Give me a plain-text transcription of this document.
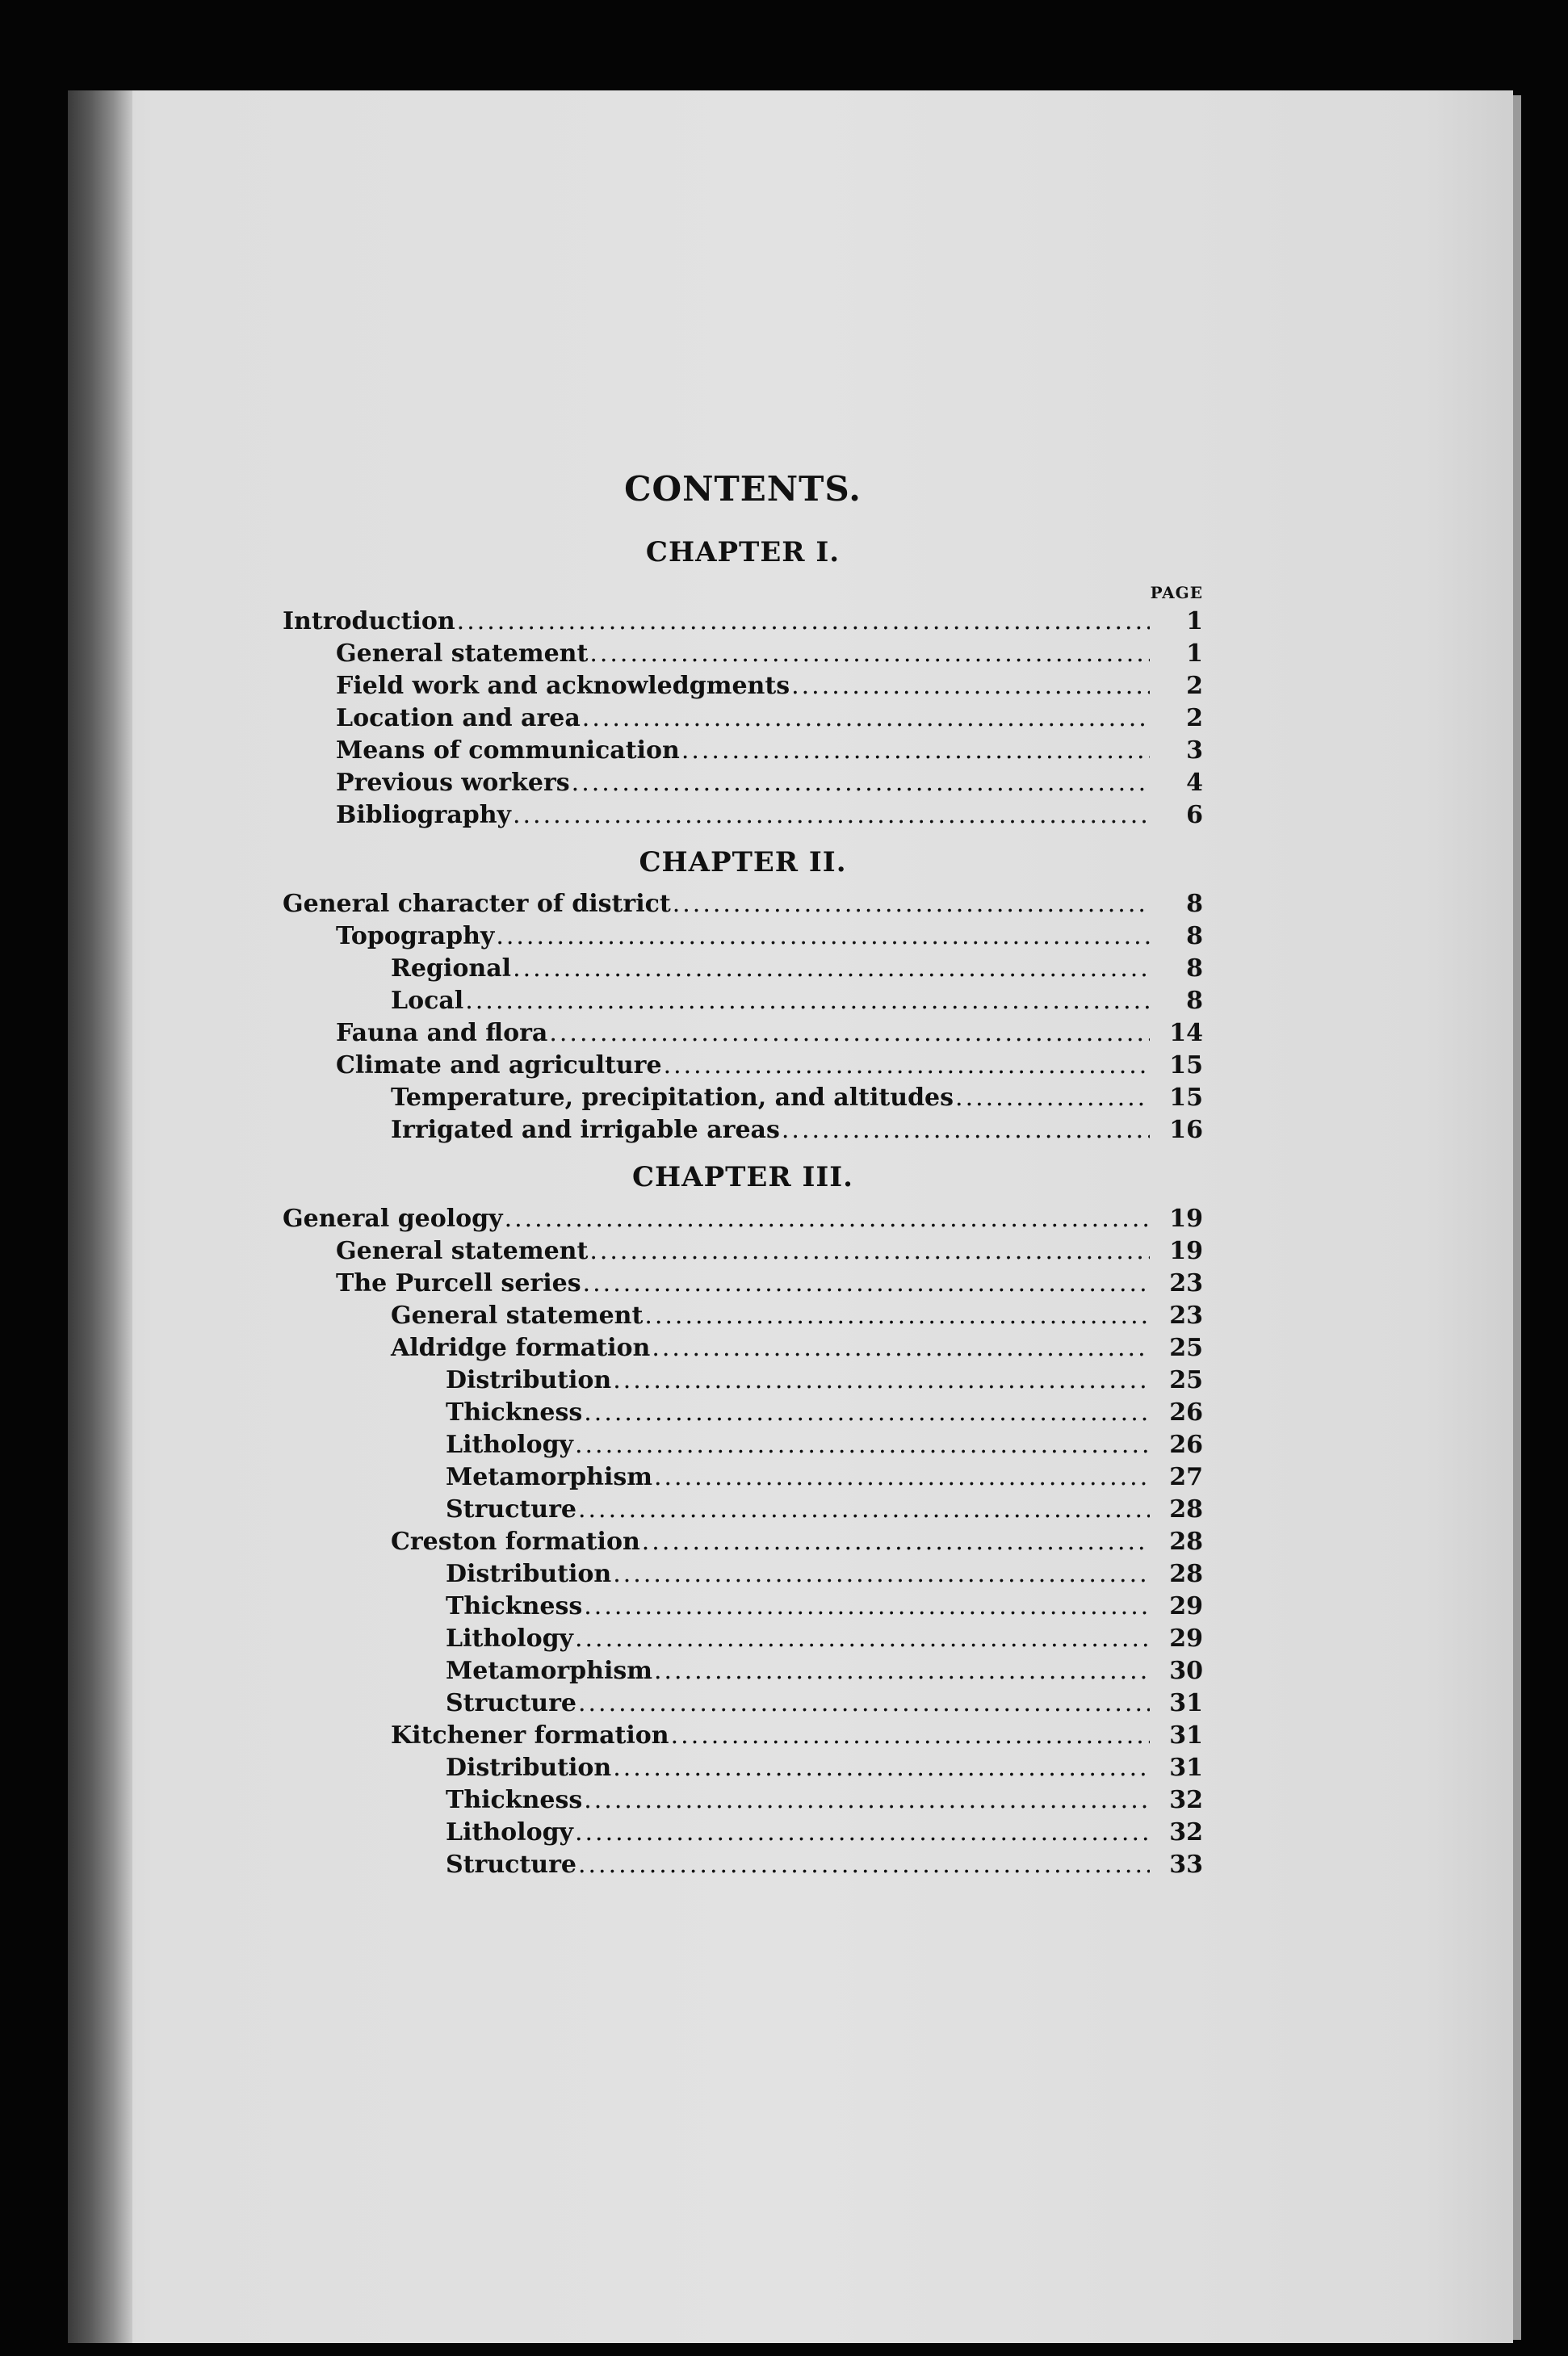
CONTENTS.
CHAPTER I.
PAGE
Introduction .....	1
General statement .....	1
Field work and acknowledgments .....	2
Location and area .....	2
Means of communication .....	3
Previous workers .....	4
Bibliography .....	6
CHAPTER II.
General character of district .....	8
Topography .....	8
Regional .....	8
Local .....	8
Fauna and flora .....	14
Climate and agriculture .....	15
Temperature, precipitation, and altitudes .....	15
Irrigated and irrigable areas .....	16
CHAPTER III.
General geology .....	19
General statement .....	19
The Purcell series .....	23
General statement .....	23
Aldridge formation .....	25
Distribution .....	25
Thickness .....	26
Lithology .....	26
Metamorphism .....	27
Structure .....	28
Creston formation .....	28
Distribution .....	28
Thickness .....	29
Lithology .....	29
Metamorphism .....	30
Structure .....	31
Kitchener formation .....	31
Distribution .....	31
Thickness .....	32
Lithology .....	32
Structure .....	33
